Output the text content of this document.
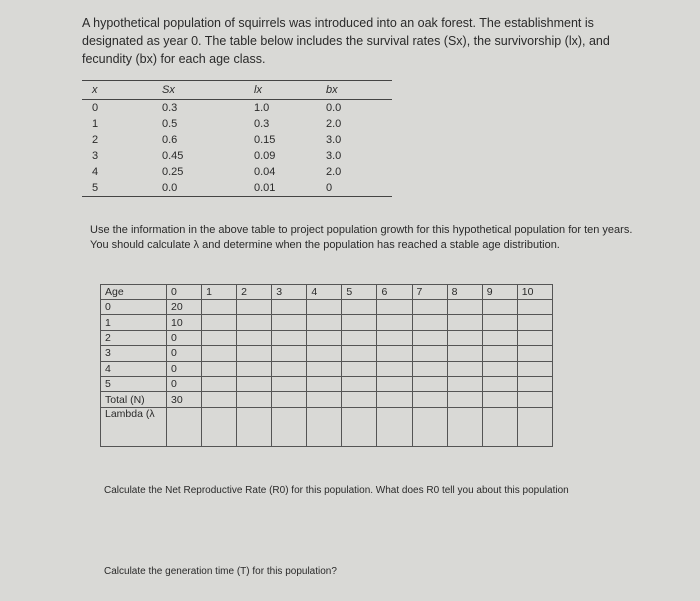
A hypothetical population of squirrels was introduced into an oak forest. The establishment is designated as year 0. The table below includes the survival rates (Sx), the survivorship (lx), and fecundity (bx) for each age class.

x	Sx	lx	bx
0	0.3	1.0	0.0
1	0.5	0.3	2.0
2	0.6	0.15	3.0
3	0.45	0.09	3.0
4	0.25	0.04	2.0
5	0.0	0.01	0

Use the information in the above table to project population growth for this hypothetical population for ten years. You should calculate λ and determine when the population has reached a stable age distribution.

Age	0	1	2	3	4	5	6	7	8	9	10
0	20										
1	10										
2	0										
3	0										
4	0										
5	0										
Total (N)	30										
Lambda (λ											

Calculate the Net Reproductive Rate (R0) for this population. What does R0 tell you about this population

Calculate the generation time (T) for this population?
